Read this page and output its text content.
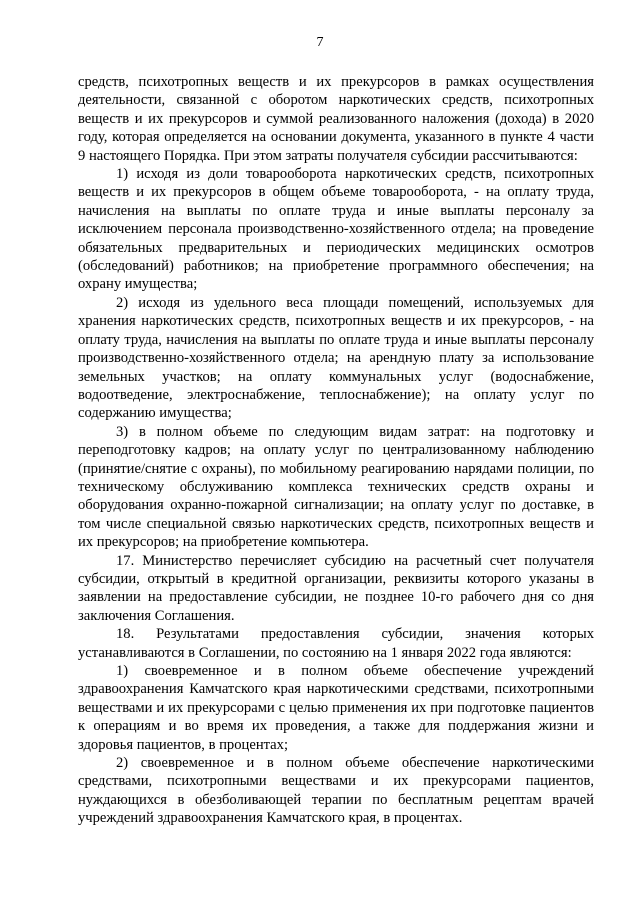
7

средств, психотропных веществ и их прекурсоров в рамках осуществления деятельности, связанной с оборотом наркотических средств, психотропных веществ и их прекурсоров и суммой реализованного наложения (дохода) в 2020 году, которая определяется на основании документа, указанного в пункте 4 части 9 настоящего Порядка. При этом затраты получателя субсидии рассчитываются:

1) исходя из доли товарооборота наркотических средств, психотропных веществ и их прекурсоров в общем объеме товарооборота, - на оплату труда, начисления на выплаты по оплате труда и иные выплаты персоналу за исключением персонала производственно-хозяйственного отдела; на проведение обязательных предварительных и периодических медицинских осмотров (обследований) работников; на приобретение программного обеспечения; на охрану имущества;

2) исходя из удельного веса площади помещений, используемых для хранения наркотических средств, психотропных веществ и их прекурсоров, - на оплату труда, начисления на выплаты по оплате труда и иные выплаты персоналу производственно-хозяйственного отдела; на арендную плату за использование земельных участков; на оплату коммунальных услуг (водоснабжение, водоотведение, электроснабжение, теплоснабжение); на оплату услуг по содержанию имущества;

3) в полном объеме по следующим видам затрат: на подготовку и переподготовку кадров; на оплату услуг по централизованному наблюдению (принятие/снятие с охраны), по мобильному реагированию нарядами полиции, по техническому обслуживанию комплекса технических средств охраны и оборудования охранно-пожарной сигнализации; на оплату услуг по доставке, в том числе специальной связью наркотических средств, психотропных веществ и их прекурсоров; на приобретение компьютера.

17. Министерство перечисляет субсидию на расчетный счет получателя субсидии, открытый в кредитной организации, реквизиты которого указаны в заявлении на предоставление субсидии, не позднее 10-го рабочего дня со дня заключения Соглашения.

18. Результатами предоставления субсидии, значения которых устанавливаются в Соглашении, по состоянию на 1 января 2022 года являются:

1) своевременное и в полном объеме обеспечение учреждений здравоохранения Камчатского края наркотическими средствами, психотропными веществами и их прекурсорами с целью применения их при подготовке пациентов к операциям и во время их проведения, а также для поддержания жизни и здоровья пациентов, в процентах;

2) своевременное и в полном объеме обеспечение наркотическими средствами, психотропными веществами и их прекурсорами пациентов, нуждающихся в обезболивающей терапии по бесплатным рецептам врачей учреждений здравоохранения Камчатского края, в процентах.
